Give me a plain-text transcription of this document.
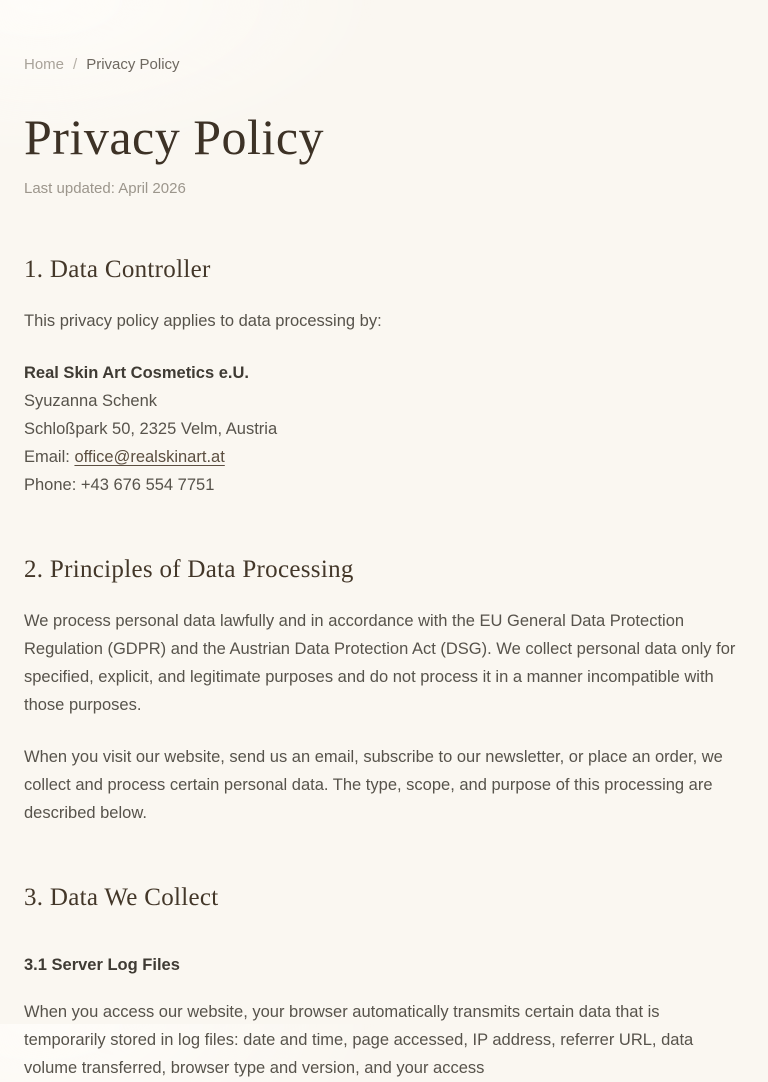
Home / Privacy Policy
Privacy Policy

Last updated: April 2026

1. Data Controller

This privacy policy applies to data processing by:

Real Skin Art Cosmetics e.U.

Syuzanna Schenk

Schloßpark 50, 2325 Velm, Austria

Email: office@realskinart.at

Phone: +43 676 554 7751

2. Principles of Data Processing

We process personal data lawfully and in accordance with the EU General Data Protection Regulation (GDPR) and the Austrian Data Protection Act (DSG). We collect personal data only for specified, explicit, and legitimate purposes and do not process it in a manner incompatible with those purposes.

When you visit our website, send us an email, subscribe to our newsletter, or place an order, we collect and process certain personal data. The type, scope, and purpose of this processing are described below.

3. Data We Collect
3.1 Server Log Files

When you access our website, your browser automatically transmits certain data that is temporarily stored in log files: date and time, page accessed, IP address, referrer URL, data volume transferred, browser type and version, and your access
